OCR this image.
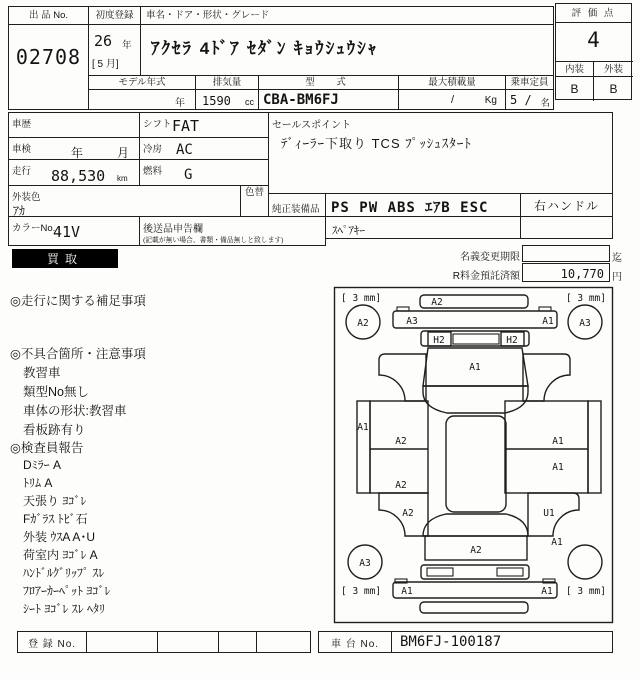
出 品 No.
02708
初度登録
26 年
[ 5 月]
車名・ドア・形状・グレード
ｱｸｾﾗ 4ﾄﾞｱ ｾﾀﾞﾝ ｷｮｳｼｭｳｼｬ
モデル年式
年
排気量
1590 cc
型　式
CBA-BM6FJ
最大積載量
/	Kg
乗車定員
5 / 名
評 価 点
4
内装	外装
B	B
車歴	シフト FAT
車検	年	月 冷房 AC
走行 88,530 km
燃料 G
外装色
ｱｶ
色替
カラーNo.
41V	後送品申告欄
(記載が無い場合、書類・備品無しと致します)
セールスポイント
ﾃﾞｨｰﾗｰ下取り TCS ﾌﾟｯｼｭｽﾀｰﾄ
純正装備品 PS PW ABS ｴｱB ESC	右ハンドル
ｽﾍﾟｱｷｰ
買取	名義変更期限	迄
R料金預託済額	10,770 円
◎走行に関する補足事項
◎不具合箇所・注意事項
教習車
類型No無し
車体の形状:教習車
看板跡有り
◎検査員報告
Dﾐﾗｰ A
ﾄﾘﾑ A
天張り ﾖｺﾞﾚ
Fｶﾞﾗｽ ﾄﾋﾞ石
外装 ｳｽA A･U
荷室内 ﾖｺﾞﾚ A
ﾊﾝﾄﾞﾙｸﾞﾘｯﾌﾟ ｽﾚ
ﾌﾛｱｰｶｰﾍﾟｯﾄ ﾖｺﾞﾚ
ｼｰﾄ ﾖｺﾞﾚ ｽﾚ ﾍﾀﾘ
[ 3 mm]	[ 3 mm]
[ 3 mm]	[ 3 mm]
A2	A3
A3
A2
A3	A1
H2	H2
A1
A1
A2
A2
A1
A1
A2	U1
A1
A2
A1	A1
登 録 No.	車 台 No.	BM6FJ-100187
